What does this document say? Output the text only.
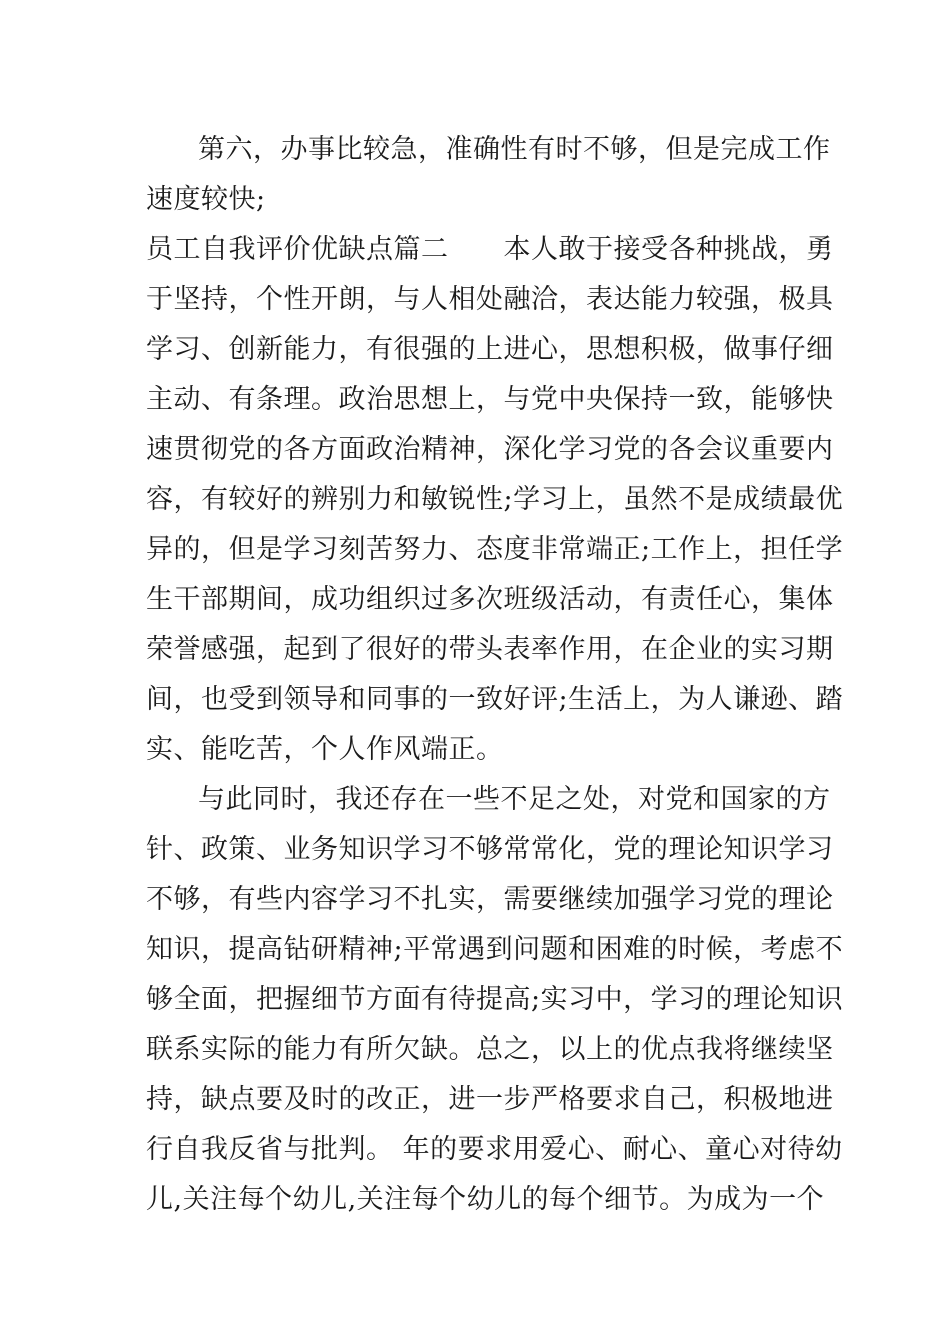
第六，办事比较急，准确性有时不够，但是完成工作
速度较快;
员工自我评价优缺点篇二　　本人敢于接受各种挑战，勇
于坚持，个性开朗，与人相处融洽，表达能力较强，极具
学习、创新能力，有很强的上进心，思想积极，做事仔细
主动、有条理。政治思想上，与党中央保持一致，能够快
速贯彻党的各方面政治精神，深化学习党的各会议重要内
容，有较好的辨别力和敏锐性;学习上，虽然不是成绩最优
异的，但是学习刻苦努力、态度非常端正;工作上，担任学
生干部期间，成功组织过多次班级活动，有责任心，集体
荣誉感强，起到了很好的带头表率作用，在企业的实习期
间，也受到领导和同事的一致好评;生活上，为人谦逊、踏
实、能吃苦，个人作风端正。
与此同时，我还存在一些不足之处，对党和国家的方
针、政策、业务知识学习不够常常化，党的理论知识学习
不够，有些内容学习不扎实，需要继续加强学习党的理论
知识，提高钻研精神;平常遇到问题和困难的时候，考虑不
够全面，把握细节方面有待提高;实习中，学习的理论知识
联系实际的能力有所欠缺。总之，以上的优点我将继续坚
持，缺点要及时的改正，进一步严格要求自己，积极地进
行自我反省与批判。 年的要求用爱心、耐心、童心对待幼
儿,关注每个幼儿,关注每个幼儿的每个细节。为成为一个
